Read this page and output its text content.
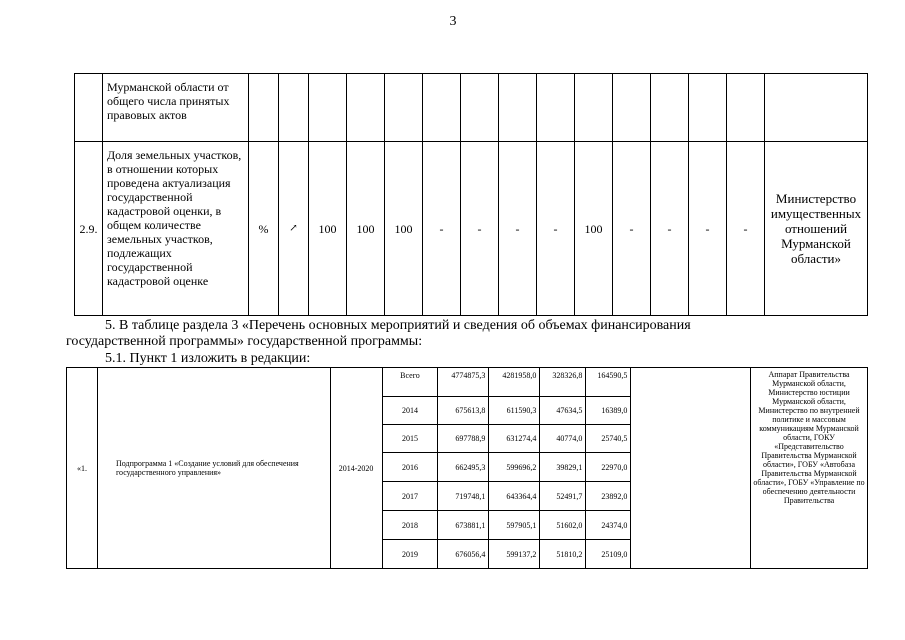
3
	Мурманской области от общего числа принятых правовых актов															
2.9.	Доля земельных участков, в отношении которых проведена актуализация государственной кадастровой оценки, в общем количестве земельных участков, подлежащих государственной кадастровой оценке	%	↗	100	100	100	-	-	-	-	100	-	-	-	-	Министерство имущественных отношений Мурманской области»
5. В таблице раздела 3 «Перечень основных мероприятий и сведения об объемах финансирования
государственной программы» государственной программы:
5.1. Пункт 1 изложить в редакции:
«1.	Подпрограмма 1 «Создание условий для обеспечения государственного управления»	2014-2020	Всего	4774875,3	4281958,0	328326,8	164590,5		Аппарат Правительства Мурманской области, Министерство юстиции Мурманской области, Министерство по внутренней политике и массовым коммуникациям Мурманской области, ГОКУ «Представительство Правительства Мурманской области», ГОБУ «Автобаза Правительства Мурманской области», ГОБУ «Управление по обеспечению деятельности Правительства
			2014	675613,8	611590,3	47634,5	16389,0		
			2015	697788,9	631274,4	40774,0	25740,5		
			2016	662495,3	599696,2	39829,1	22970,0		
			2017	719748,1	643364,4	52491,7	23892,0		
			2018	673881,1	597905,1	51602,0	24374,0		
			2019	676056,4	599137,2	51810,2	25109,0		
